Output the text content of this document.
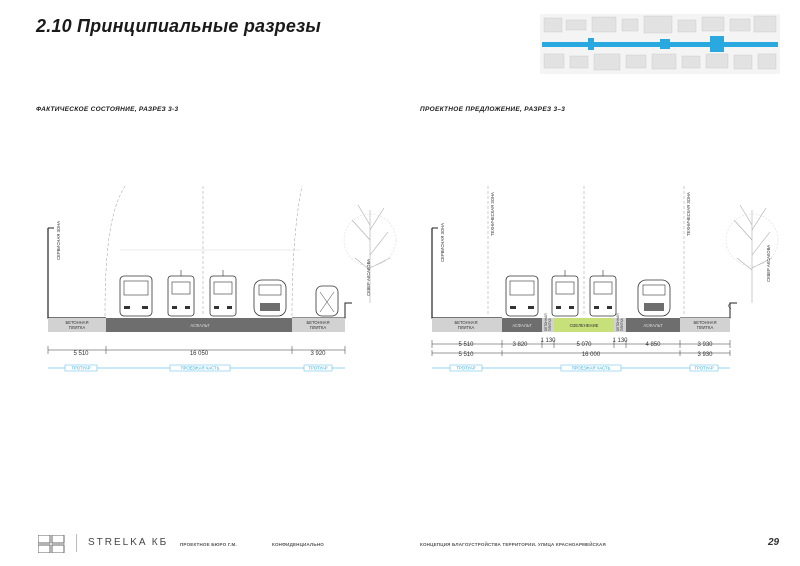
2.10 Принципиальные разрезы
ФАКТИЧЕСКОЕ СОСТОЯНИЕ, РАЗРЕЗ 3-3	ПРОЕКТНОЕ ПРЕДЛОЖЕНИЕ, РАЗРЕЗ 3–3
БЕТОННАЯ
ПЛИТКА	АСФАЛЬТ
БЕТОННАЯ
ПЛИТКА
СЕРВИСНАЯ ЗОНА
СКВЕР АКСАКОВА
5 510	16 050	3 920
ТРОТУАР	ПРОЕЗЖАЯ ЧАСТЬ	ТРОТУАР
БЕТОННАЯ
ПЛИТКА	АСФАЛЬТ	БЕТОННАЯ ПЛИТКА	ОЗЕЛЕНЕНИЕ	БЕТОННАЯ ПЛИТКА	АСФАЛЬТ
БЕТОННАЯ
ПЛИТКА
СЕРВИСНАЯ ЗОНА
ТЕХНИЧЕСКАЯ ЗОНА	ТЕХНИЧЕСКАЯ ЗОНА
СКВЕР АКСАКОВА
5 510	3 820
1 130
5 070
1 130
4 850	3 930
5 510	16 000	3 930
ТРОТУАР	ПРОЕЗЖАЯ ЧАСТЬ	ТРОТУАР
STRELKA КБ	ПРОЕКТНОЕ БЮРО Г.М.	КОНФИДЕНЦИАЛЬНО	КОНЦЕПЦИЯ БЛАГОУСТРОЙСТВА ТЕРРИТОРИИ. УЛИЦА КРАСНОАРМЕЙСКАЯ	29
